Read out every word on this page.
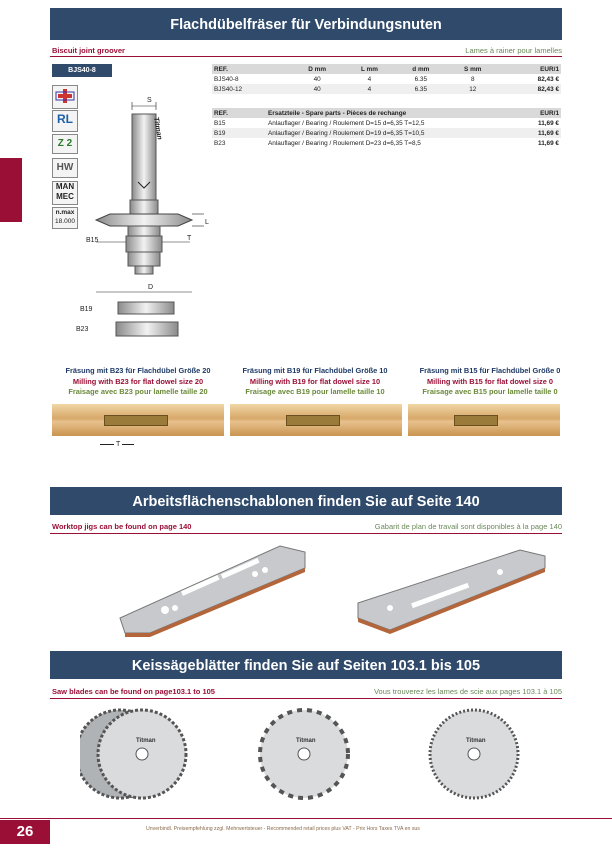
Flachdübelfräser für Verbindungsnuten
Biscuit joint groover	Lames à rainer pour lamelles
BJS40-8
RL
Z 2
HW
MAN MEC
n.max
18.000
S
Titman
L
B15	T
D
B19
B23
REF.	D mm	L mm	d mm	S mm	EUR/1
BJS40-8	40	4	6.35	8	82,43 €
BJS40-12	40	4	6.35	12	82,43 €
REF.	Ersatzteile - Spare parts - Pièces de rechange	EUR/1
B15	Anlauflager / Bearing / Roulement D=15 d=6,35 T=12,5	11,69 €
B19	Anlauflager / Bearing / Roulement D=19 d=6,35 T=10,5	11,69 €
B23	Anlauflager / Bearing / Roulement D=23 d=6,35 T=8,5	11,69 €
Fräsung mit B23 für Flachdübel Größe 20
Milling with B23 for flat dowel size 20
Fraisage avec B23 pour lamelle taille 20
Fräsung mit B19 für Flachdübel Größe 10
Milling with B19 for flat dowel size 10
Fraisage avec B19 pour lamelle taille 10
Fräsung mit B15 für Flachdübel Größe 0
Milling with B15 for flat dowel size 0
Fraisage avec B15 pour lamelle taille 0
T
Arbeitsflächenschablonen finden Sie auf Seite 140
Worktop jigs can be found on page 140	Gabarit de plan de travail sont disponibles à la page 140
Keissägeblätter finden Sie auf Seiten 103.1 bis 105
Saw blades can be found on page103.1 to 105	Vous trouverez les lames de scie aux pages 103.1 à 105
Titman	Titman	Titman
26	Unverbindl. Preisempfehlung zzgl. Mehrwertsteuer - Recommended retail prices plus VAT - Prix Hors Taxes TVA en sus
